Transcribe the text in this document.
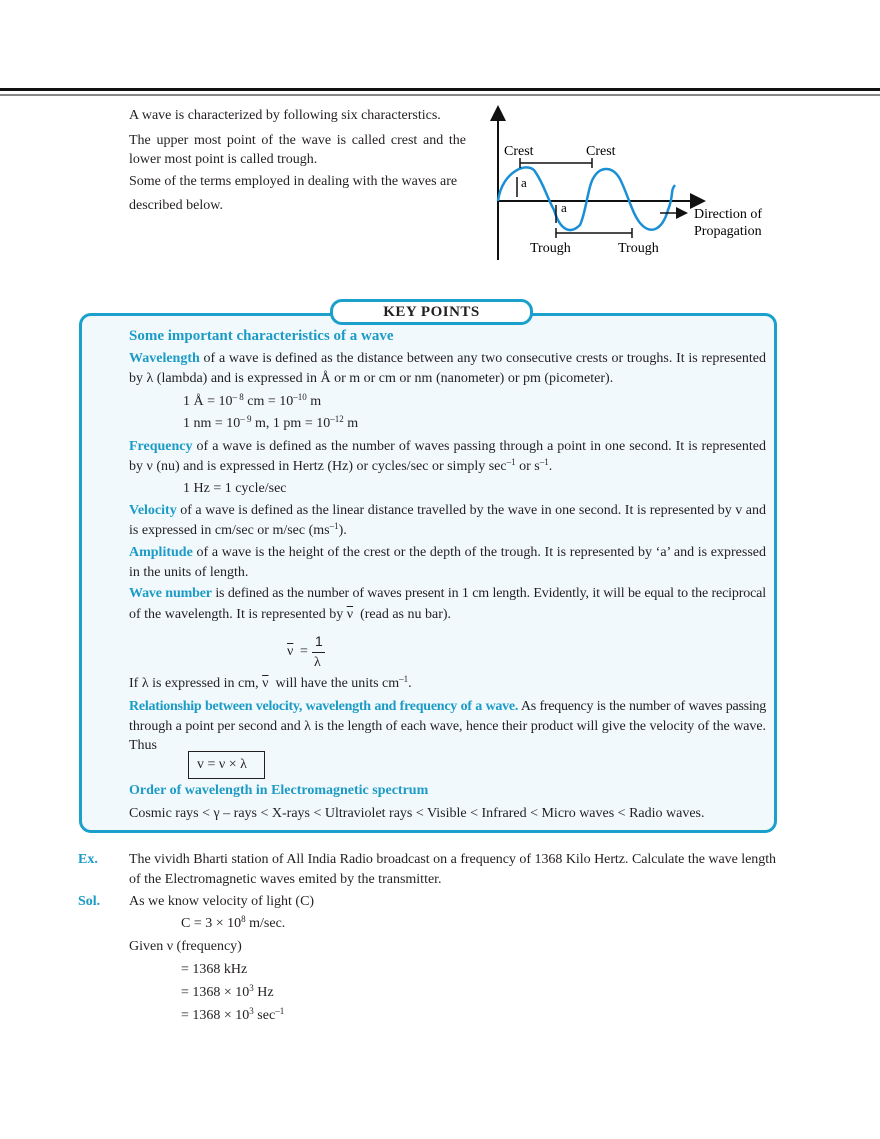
A wave is characterized by following six characterstics.
The upper most point of the wave is called crest and the
lower most point is called trough.
Some of the terms employed in dealing with the waves are
described below.
Crest	Crest
Trough	Trough
a
a	Direction of
Propagation
KEY POINTS
Some important characteristics of a wave
Wavelength of a wave is defined as the distance between any two consecutive crests or troughs. It is represented
by λ (lambda) and is expressed in Å or m or cm or nm (nanometer) or pm (picometer).
1 Å = $10^{- 8}$ cm = $10^{-10}$ m
1 nm = $10^{- 9}$ m, 1 pm = $10^{-12}$ m
Frequency of a wave is defined as the number of waves passing through a point in one second. It is represented
by ν (nu) and is expressed in Hertz (Hz) or cycles/sec or simply $\sec^{-1}$ or $s^{-1}$.
1 Hz = 1 cycle/sec
Velocity of a wave is defined as the linear distance travelled by the wave in one second. It is represented by v and
is expressed in cm/sec or m/sec $(ms^{-1})$.
Amplitude of a wave is the height of the crest or the depth of the trough. It is represented by ‘a’ and is expressed
in the units of length.
Wave number is defined as the number of waves present in 1 cm length. Evidently, it will be equal to the reciprocal
of the wavelength. It is represented by $\overline{\nu}$  (read as nu bar).
$\overline{\nu}$ =
1
λ
If λ is expressed in cm, $\overline{\nu}$  will have the units $cm^{-1}$.
Relationship between velocity, wavelength and frequency of a wave. As frequency is the number of waves passing
through a point per second and λ is the length of each wave, hence their product will give the velocity of the wave.
Thus
v = ν × λ
Order of wavelength in Electromagnetic spectrum
Cosmic rays < γ – rays < X-rays < Ultraviolet rays < Visible < Infrared < Micro waves < Radio waves.
Ex. The vividh Bharti station of All India Radio broadcast on a frequency of 1368 Kilo Hertz. Calculate the wave length
of the Electromagnetic waves emited by the transmitter.
Sol. As we know velocity of light (C)
$C = 3 \times 10^8$ m/sec.
Given ν (frequency)
= 1368 kHz
= $1368 \times 10^3$ Hz
= $1368 \times 10^3$ $\sec^{-1}$
